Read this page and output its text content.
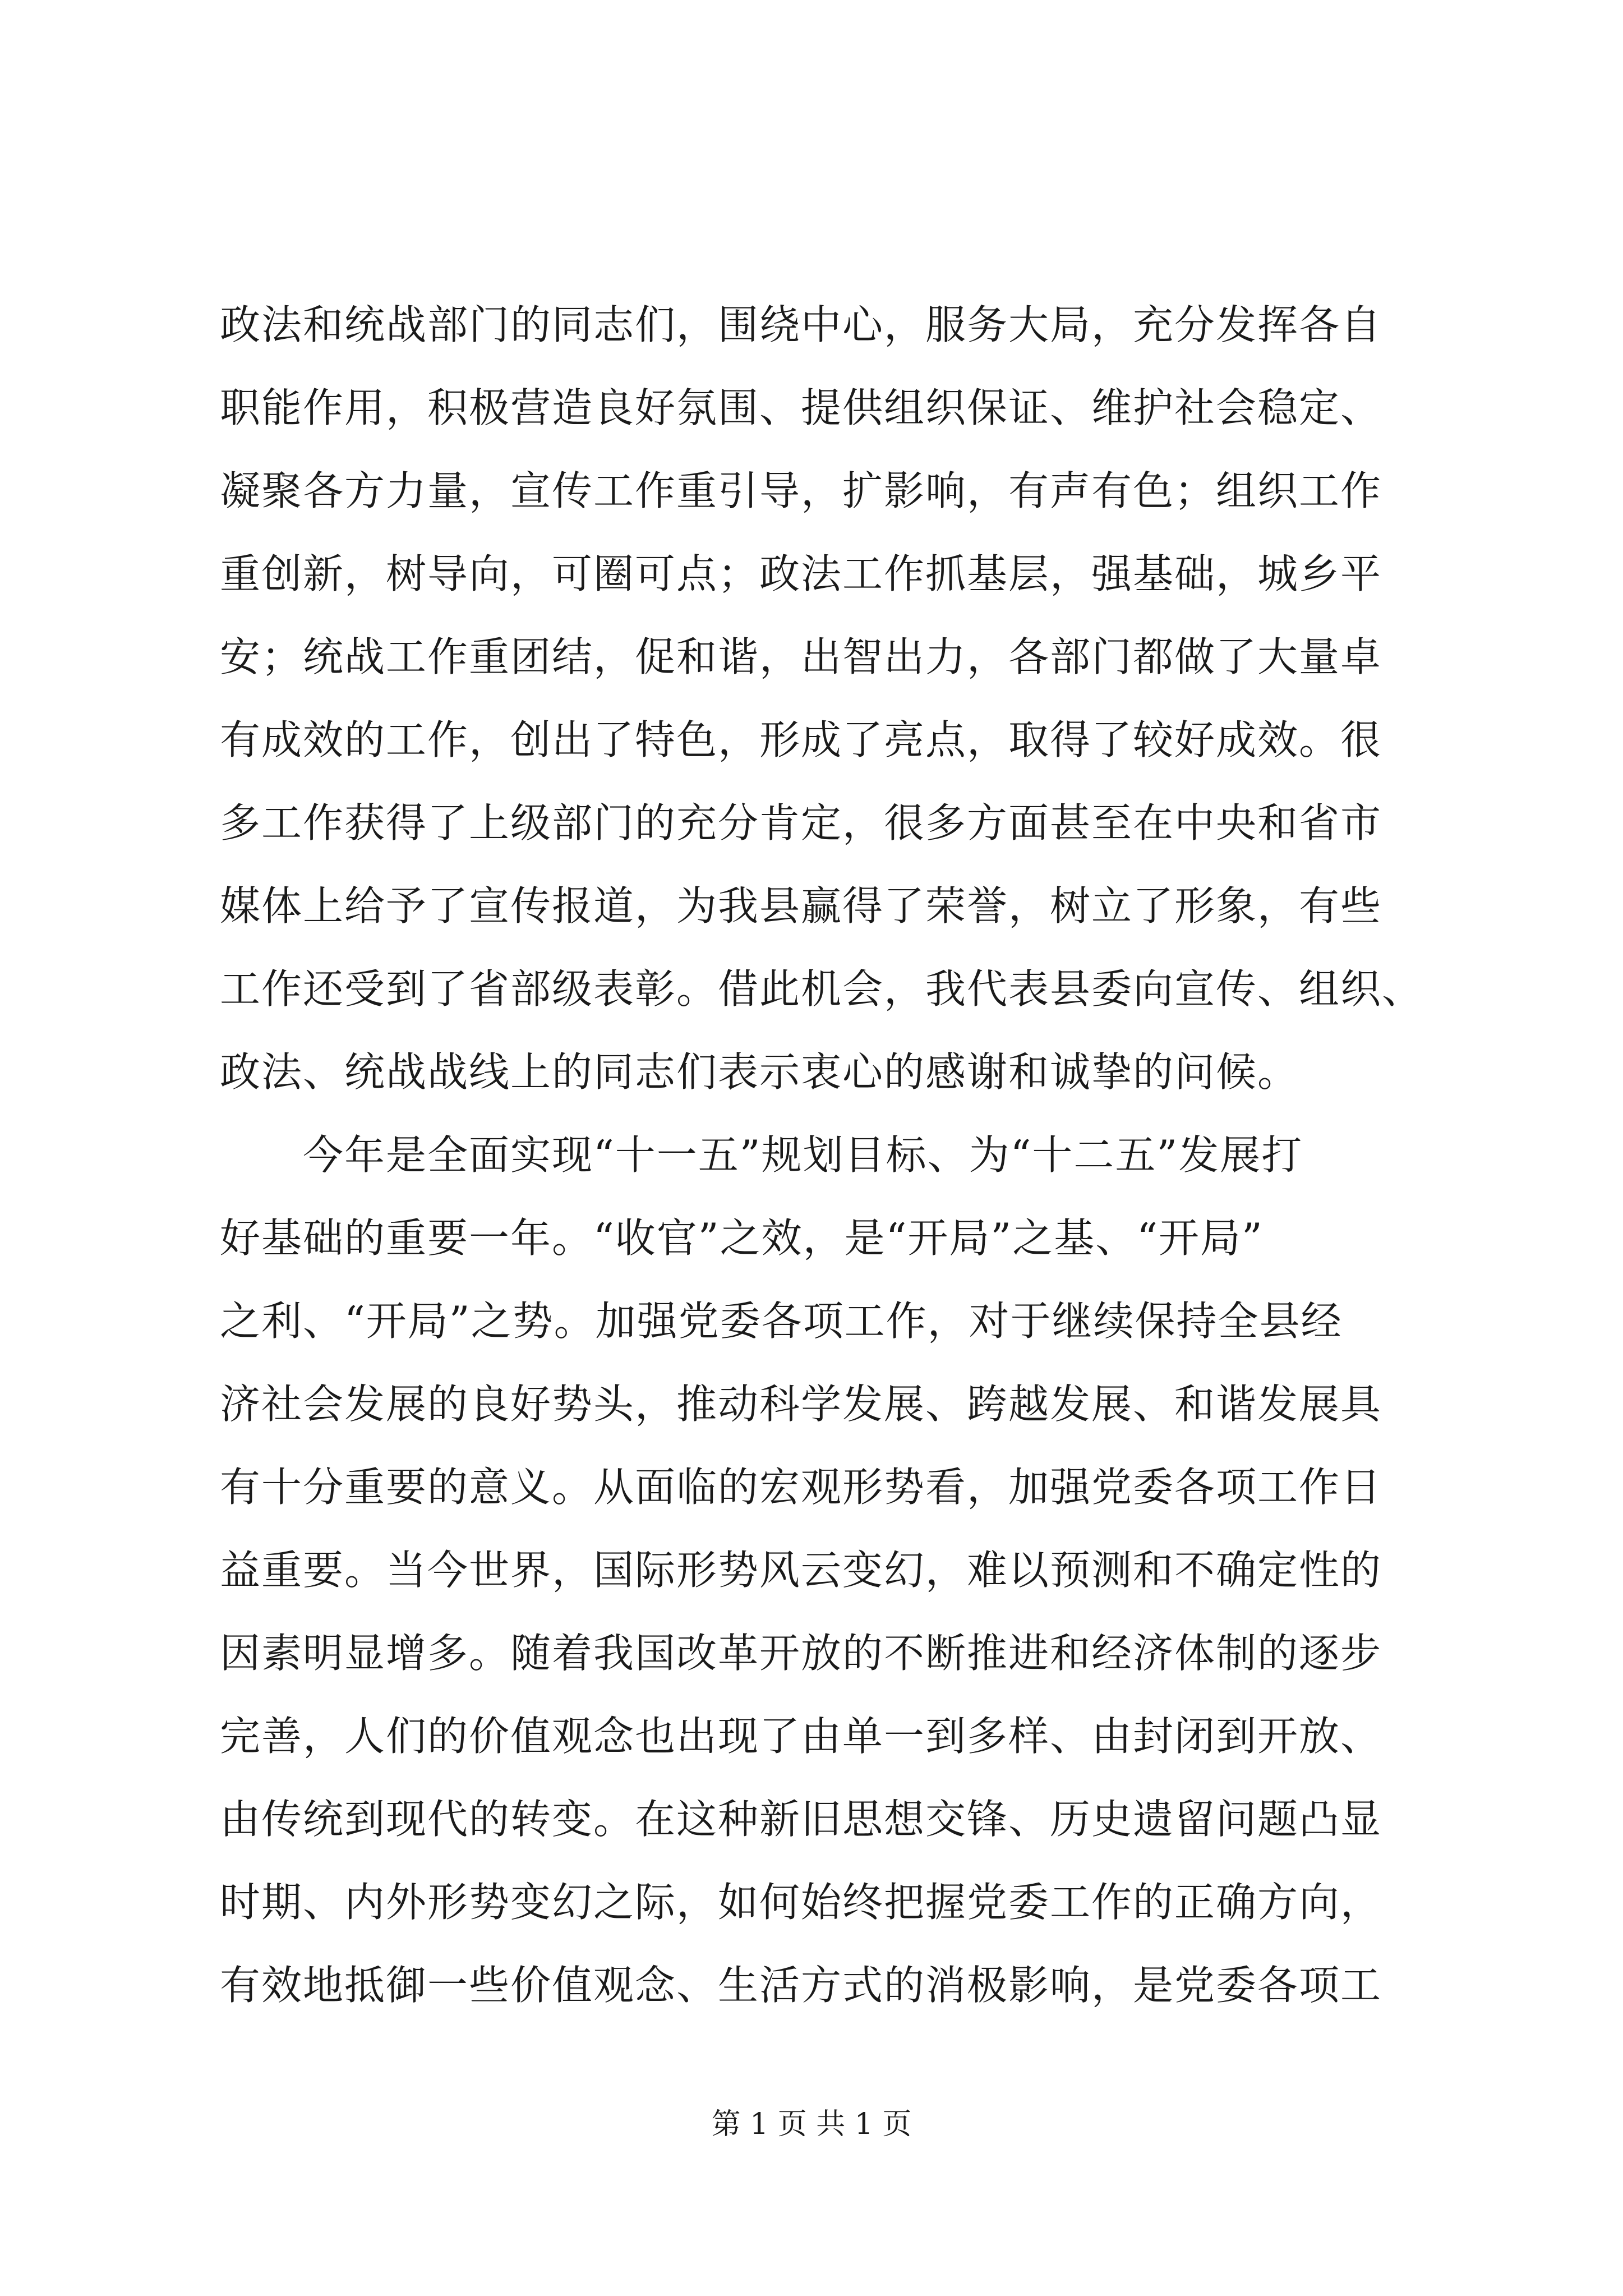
政法和统战部门的同志们，围绕中心，服务大局，充分发挥各自
职能作用，积极营造良好氛围、提供组织保证、维护社会稳定、
凝聚各方力量，宣传工作重引导，扩影响，有声有色；组织工作
重创新，树导向，可圈可点；政法工作抓基层，强基础，城乡平
安；统战工作重团结，促和谐，出智出力，各部门都做了大量卓
有成效的工作，创出了特色，形成了亮点，取得了较好成效。很
多工作获得了上级部门的充分肯定，很多方面甚至在中央和省市
媒体上给予了宣传报道，为我县赢得了荣誉，树立了形象，有些
工作还受到了省部级表彰。借此机会，我代表县委向宣传、组织、
政法、统战战线上的同志们表示衷心的感谢和诚挚的问候。
今年是全面实现“十一五”规划目标、为“十二五”发展打
好基础的重要一年。“收官”之效，是“开局”之基、“开局”
之利、“开局”之势。加强党委各项工作，对于继续保持全县经
济社会发展的良好势头，推动科学发展、跨越发展、和谐发展具
有十分重要的意义。从面临的宏观形势看，加强党委各项工作日
益重要。当今世界，国际形势风云变幻，难以预测和不确定性的
因素明显增多。随着我国改革开放的不断推进和经济体制的逐步
完善，人们的价值观念也出现了由单一到多样、由封闭到开放、
由传统到现代的转变。在这种新旧思想交锋、历史遗留问题凸显
时期、内外形势变幻之际，如何始终把握党委工作的正确方向，
有效地抵御一些价值观念、生活方式的消极影响，是党委各项工
第 1 页 共 1 页
